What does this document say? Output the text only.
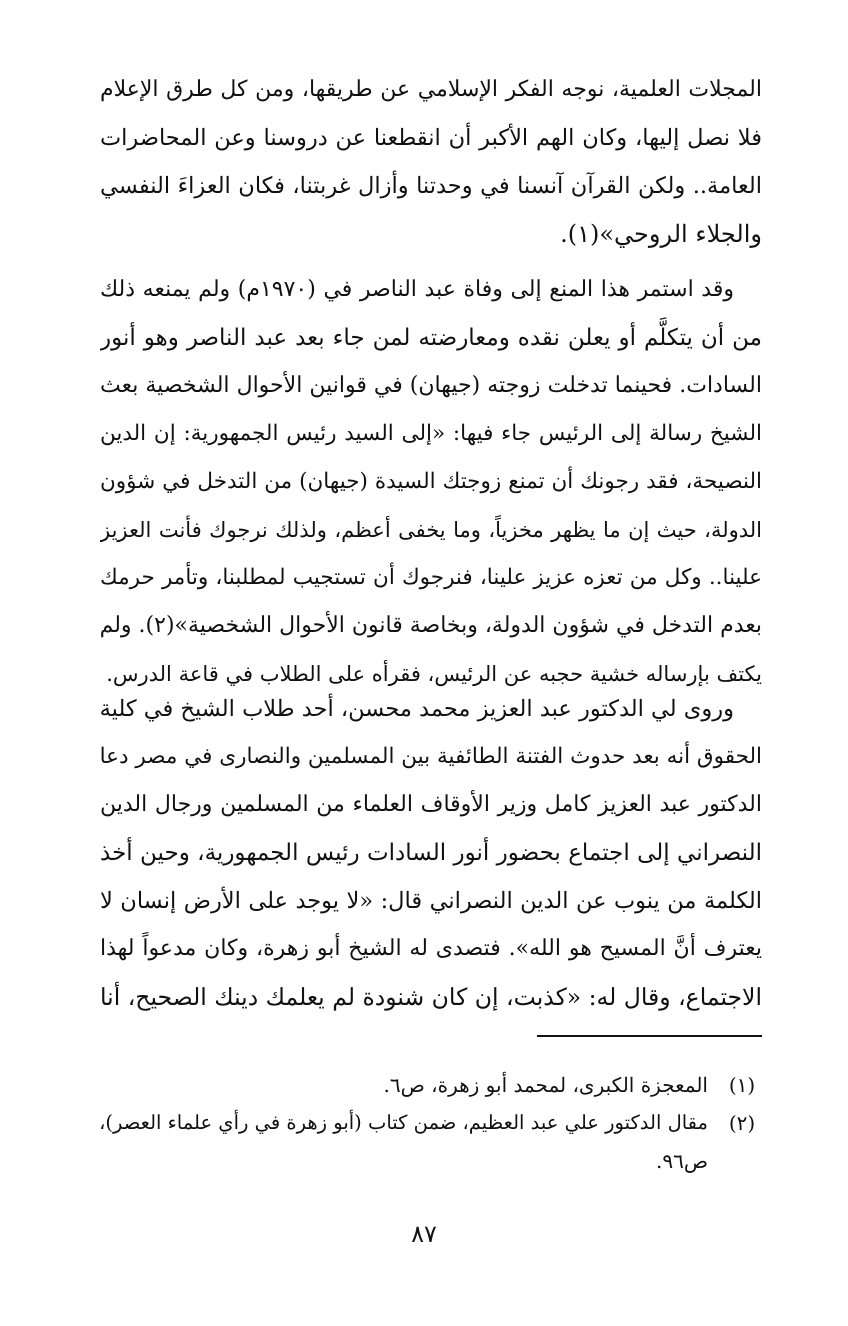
المجلات العلمية، نوجه الفكر الإسلامي عن طريقها، ومن كل طرق الإعلام
فلا نصل إليها، وكان الهم الأكبر أن انقطعنا عن دروسنا وعن المحاضرات
العامة.. ولكن القرآن آنسنا في وحدتنا وأزال غربتنا، فكان العزاءَ النفسي
والجلاء الروحي»(١).
وقد استمر هذا المنع إلى وفاة عبد الناصر في (١٩٧٠م) ولم يمنعه ذلك
من أن يتكلَّم أو يعلن نقده ومعارضته لمن جاء بعد عبد الناصر وهو أنور
السادات. فحينما تدخلت زوجته (جيهان) في قوانين الأحوال الشخصية بعث
الشيخ رسالة إلى الرئيس جاء فيها: «إلى السيد رئيس الجمهورية: إن الدين
النصيحة، فقد رجونك أن تمنع زوجتك السيدة (جيهان) من التدخل في شؤون
الدولة، حيث إن ما يظهر مخزياً، وما يخفى أعظم، ولذلك نرجوك فأنت العزيز
علينا.. وكل من تعزه عزيز علينا، فنرجوك أن تستجيب لمطلبنا، وتأمر حرمك
بعدم التدخل في شؤون الدولة، وبخاصة قانون الأحوال الشخصية»(٢). ولم
يكتف بإرساله خشية حجبه عن الرئيس، فقرأه على الطلاب في قاعة الدرس.
وروى لي الدكتور عبد العزيز محمد محسن، أحد طلاب الشيخ في كلية
الحقوق أنه بعد حدوث الفتنة الطائفية بين المسلمين والنصارى في مصر دعا
الدكتور عبد العزيز كامل وزير الأوقاف العلماء من المسلمين ورجال الدين
النصراني إلى اجتماع بحضور أنور السادات رئيس الجمهورية، وحين أخذ
الكلمة من ينوب عن الدين النصراني قال: «لا يوجد على الأرض إنسان لا
يعترف أنَّ المسيح هو الله». فتصدى له الشيخ أبو زهرة، وكان مدعواً لهذا
الاجتماع، وقال له: «كذبت، إن كان شنودة لم يعلمك دينك الصحيح، أنا
(١)
المعجزة الكبرى، لمحمد أبو زهرة، ص٦.
(٢)
مقال الدكتور علي عبد العظيم، ضمن كتاب (أبو زهرة في رأي علماء العصر)،
ص٩٦.
٨٧
